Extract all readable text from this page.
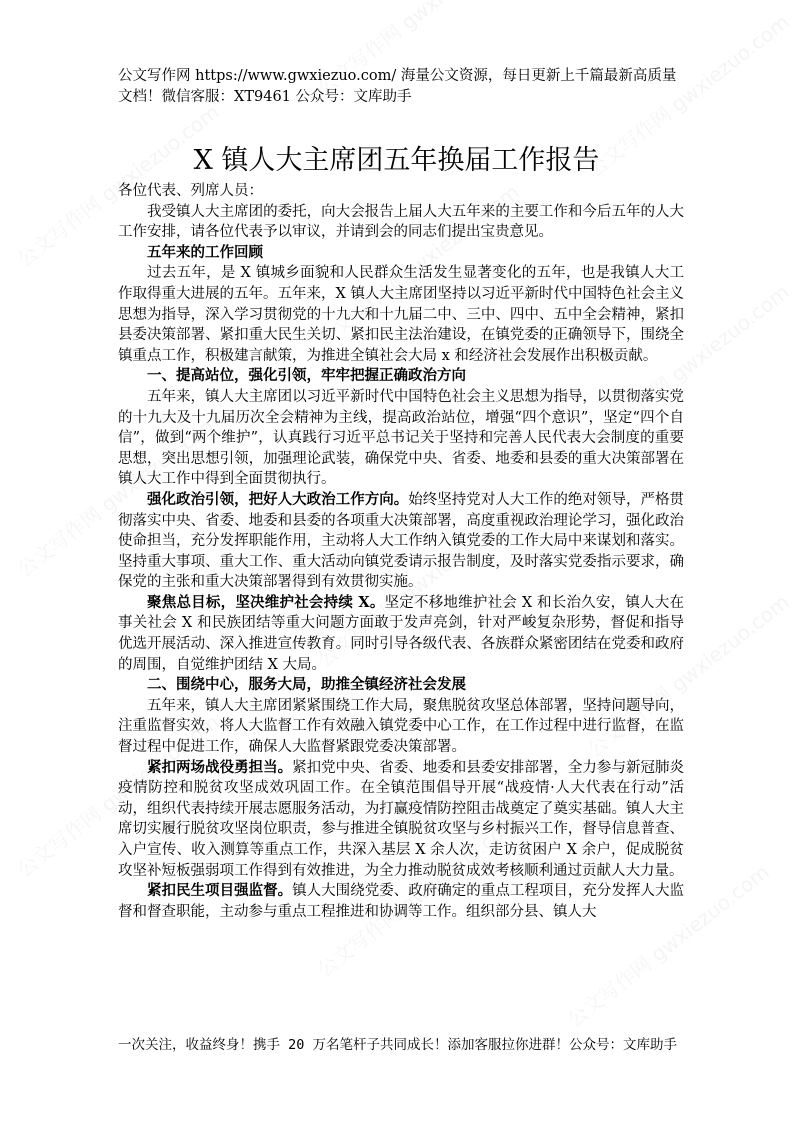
公文写作网 https://www.gwxiezuo.com/ 海量公文资源，每日更新上千篇最新高质量文档！微信客服：XT9461 公众号：文库助手
X 镇人大主席团五年换届工作报告

各位代表、列席人员：

我受镇人大主席团的委托，向大会报告上届人大五年来的主要工作和今后五年的人大工作安排，请各位代表予以审议，并请到会的同志们提出宝贵意见。

五年来的工作回顾

过去五年，是 X 镇城乡面貌和人民群众生活发生显著变化的五年，也是我镇人大工作取得重大进展的五年。五年来，X 镇人大主席团坚持以习近平新时代中国特色社会主义思想为指导，深入学习贯彻党的十九大和十九届二中、三中、四中、五中全会精神，紧扣县委决策部署、紧扣重大民生关切、紧扣民主法治建设，在镇党委的正确领导下，围绕全镇重点工作，积极建言献策，为推进全镇社会大局 x 和经济社会发展作出积极贡献。

一、提高站位，强化引领，牢牢把握正确政治方向

五年来，镇人大主席团以习近平新时代中国特色社会主义思想为指导，以贯彻落实党的十九大及十九届历次全会精神为主线，提高政治站位，增强“四个意识”，坚定“四个自信”，做到“两个维护”，认真践行习近平总书记关于坚持和完善人民代表大会制度的重要思想，突出思想引领，加强理论武装，确保党中央、省委、地委和县委的重大决策部署在镇人大工作中得到全面贯彻执行。

强化政治引领，把好人大政治工作方向。始终坚持党对人大工作的绝对领导，严格贯彻落实中央、省委、地委和县委的各项重大决策部署，高度重视政治理论学习，强化政治使命担当，充分发挥职能作用，主动将人大工作纳入镇党委的工作大局中来谋划和落实。坚持重大事项、重大工作、重大活动向镇党委请示报告制度，及时落实党委指示要求，确保党的主张和重大决策部署得到有效贯彻实施。

聚焦总目标，坚决维护社会持续 X。坚定不移地维护社会 X 和长治久安，镇人大在事关社会 X 和民族团结等重大问题方面敢于发声亮剑，针对严峻复杂形势，督促和指导优选开展活动、深入推进宣传教育。同时引导各级代表、各族群众紧密团结在党委和政府的周围，自觉维护团结 X 大局。

二、围绕中心，服务大局，助推全镇经济社会发展

五年来，镇人大主席团紧紧围绕工作大局，聚焦脱贫攻坚总体部署，坚持问题导向，注重监督实效，将人大监督工作有效融入镇党委中心工作，在工作过程中进行监督，在监督过程中促进工作，确保人大监督紧跟党委决策部署。

紧扣两场战役勇担当。紧扣党中央、省委、地委和县委安排部署，全力参与新冠肺炎疫情防控和脱贫攻坚成效巩固工作。在全镇范围倡导开展“战疫情·人大代表在行动”活动，组织代表持续开展志愿服务活动，为打赢疫情防控阻击战奠定了奠实基础。镇人大主席切实履行脱贫攻坚岗位职责，参与推进全镇脱贫攻坚与乡村振兴工作，督导信息普查、入户宣传、收入测算等重点工作，共深入基层 X 余人次，走访贫困户 X 余户，促成脱贫攻坚补短板强弱项工作得到有效推进，为全力推动脱贫成效考核顺利通过贡献人大力量。

紧扣民生项目强监督。镇人大围绕党委、政府确定的重点工程项目，充分发挥人大监督和督查职能，主动参与重点工程推进和协调等工作。组织部分县、镇人大

一次关注，收益终身！携手 20 万名笔杆子共同成长！添加客服拉你进群！公众号：文库助手
